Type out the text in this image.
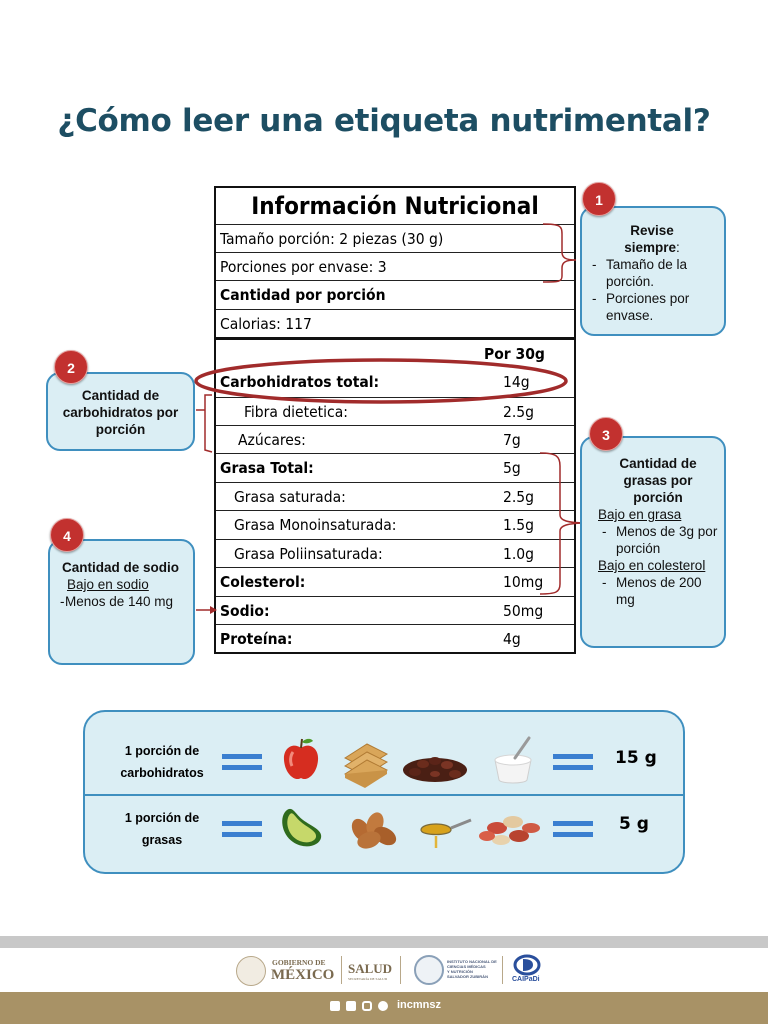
¿Cómo leer una etiqueta nutrimental?
Información Nutricional
Tamaño porción: 2 piezas (30 g)
Porciones por envase: 3
Cantidad por porción
Calorias: 117
Por 30g
Carbohidratos total:	14g
Fibra dietetica:	2.5g
Azúcares:	7g
Grasa Total:	5g
Grasa saturada:	2.5g
Grasa Monoinsaturada:	1.5g
Grasa Poliinsaturada:	1.0g
Colesterol:	10mg
Sodio:	50mg
Proteína:	4g
Revise
siempre:
- Tamaño de la porción.
- Porciones por envase.
1
Cantidad de carbohidratos por porción
2
Cantidad de grasas por porción
Bajo en grasa
- Menos de 3g por porción
Bajo en colesterol
- Menos de 200 mg
3
Cantidad de sodio
Bajo en sodio
- Menos de 140 mg
4
1 porción de
carbohidratos
15 g
1 porción de
grasas
5 g
GOBIERNO DE
MÉXICO SALUD
SECRETARÍA DE SALUD
INSTITUTO NACIONAL DE
CIENCIAS MÉDICAS
Y NUTRICIÓN
SALVADOR ZUBIRÁN	CAIPaDi
incmnsz
